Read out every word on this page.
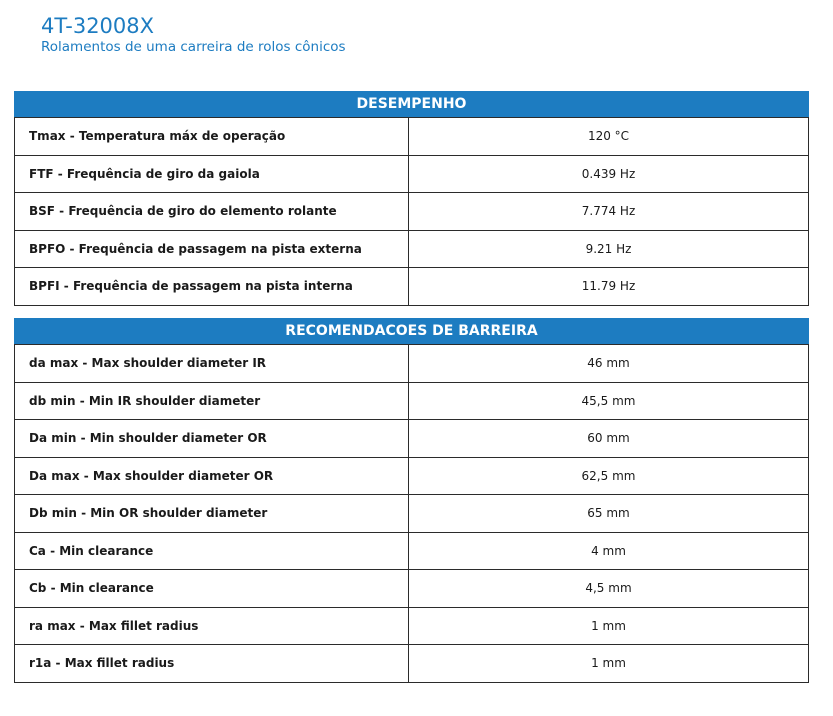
4T-32008X

Rolamentos de uma carreira de rolos cônicos

DESEMPENHO
Tmax - Temperatura máx de operação	120 °C
FTF - Frequência de giro da gaiola	0.439 Hz
BSF - Frequência de giro do elemento rolante	7.774 Hz
BPFO - Frequência de passagem na pista externa	9.21 Hz
BPFI - Frequência de passagem na pista interna	11.79 Hz
RECOMENDACOES DE BARREIRA
da max - Max shoulder diameter IR	46 mm
db min - Min IR shoulder diameter	45,5 mm
Da min - Min shoulder diameter OR	60 mm
Da max - Max shoulder diameter OR	62,5 mm
Db min - Min OR shoulder diameter	65 mm
Ca - Min clearance	4 mm
Cb - Min clearance	4,5 mm
ra max - Max fillet radius	1 mm
r1a - Max fillet radius	1 mm
